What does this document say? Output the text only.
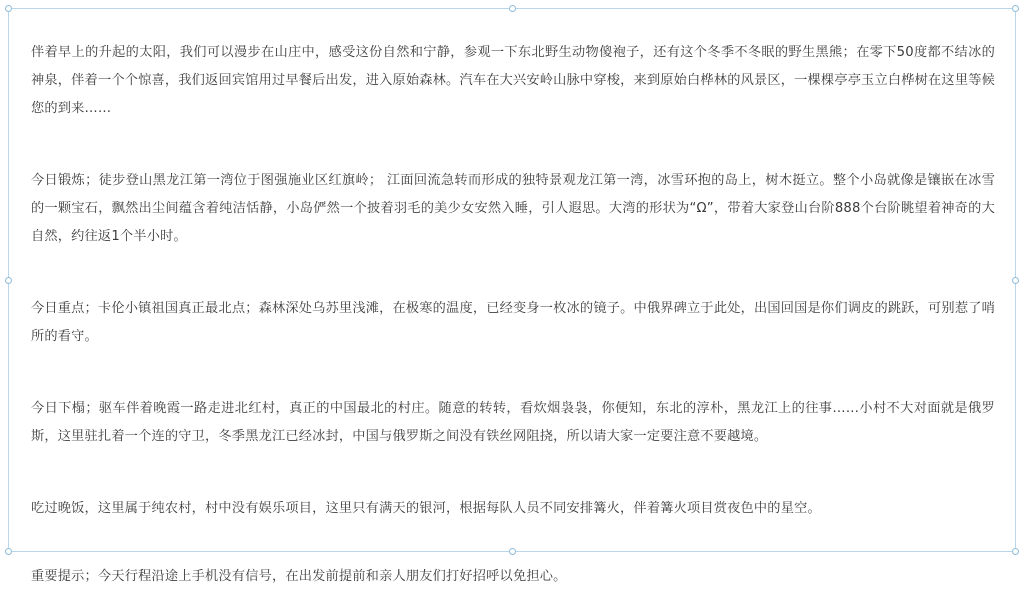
伴着早上的升起的太阳，我们可以漫步在山庄中，感受这份自然和宁静，参观一下东北野生动物傻袍子，还有这个冬季不冬眠的野生黑熊；在零下50度都不结冰的神泉，伴着一个个惊喜，我们返回宾馆用过早餐后出发，进入原始森林。汽车在大兴安岭山脉中穿梭，来到原始白桦林的风景区，一棵棵亭亭玉立白桦树在这里等候您的到来……

今日锻炼；徒步登山黑龙江第一湾位于图强施业区红旗岭； 江面回流急转而形成的独特景观龙江第一湾，冰雪环抱的岛上，树木挺立。整个小岛就像是镶嵌在冰雪的一颗宝石，飘然出尘间蕴含着纯洁恬静，小岛俨然一个披着羽毛的美少女安然入睡，引人遐思。大湾的形状为“Ω”，带着大家登山台阶888个台阶眺望着神奇的大自然，约往返1个半小时。

今日重点；卡伦小镇祖国真正最北点；森林深处乌苏里浅滩，在极寒的温度，已经变身一枚冰的镜子。中俄界碑立于此处，出国回国是你们调皮的跳跃，可别惹了哨所的看守。

今日下榻；驱车伴着晚霞一路走进北红村，真正的中国最北的村庄。随意的转转，看炊烟袅袅，你便知，东北的淳朴，黑龙江上的往事……小村不大对面就是俄罗斯，这里驻扎着一个连的守卫，冬季黑龙江已经冰封，中国与俄罗斯之间没有铁丝网阻挠，所以请大家一定要注意不要越境。

吃过晚饭，这里属于纯农村，村中没有娱乐项目，这里只有满天的银河，根据每队人员不同安排篝火，伴着篝火项目赏夜色中的星空。

重要提示；今天行程沿途上手机没有信号，在出发前提前和亲人朋友们打好招呼以免担心。
